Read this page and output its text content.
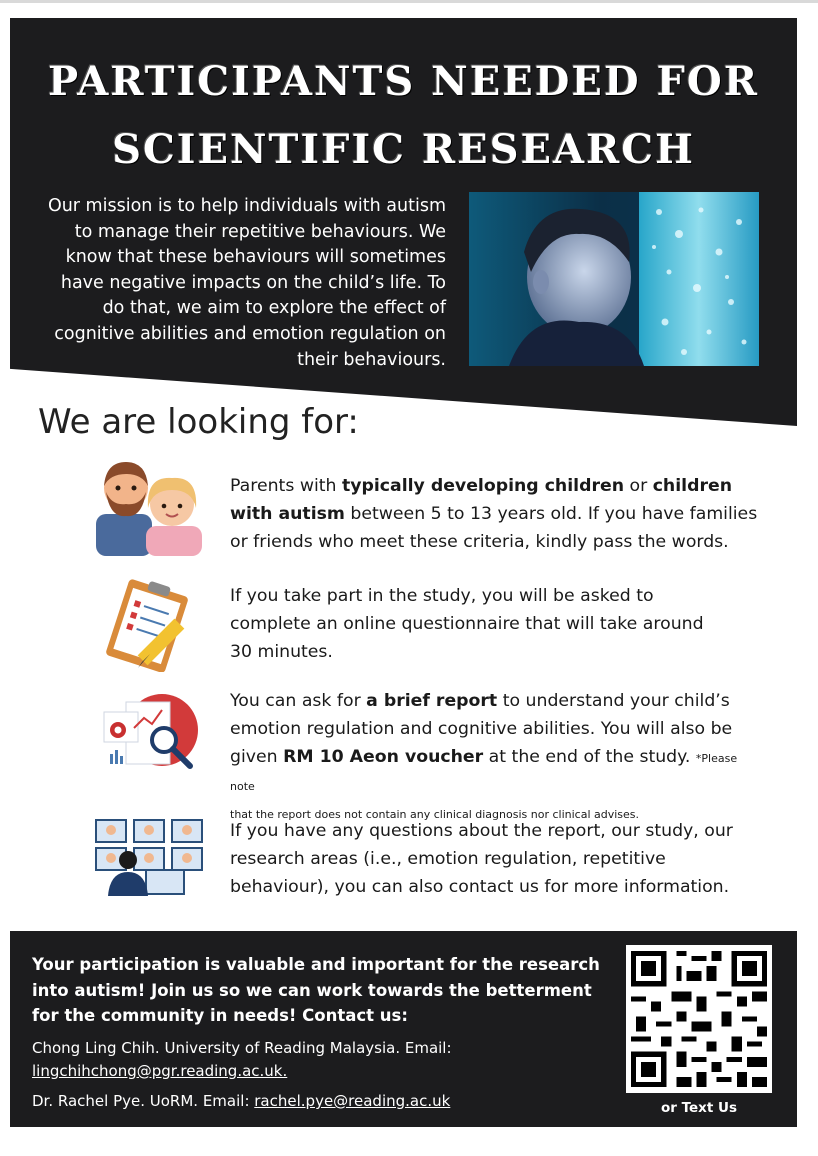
PARTICIPANTS NEEDED FOR
SCIENTIFIC RESEARCH
Our mission is to help individuals with autism
to manage their repetitive behaviours. We
know that these behaviours will sometimes
have negative impacts on the child’s life. To
do that, we aim to explore the effect of
cognitive abilities and emotion regulation on
their behaviours.
We are looking for:
Parents with typically developing children or children with autism between 5 to 13 years old. If you have families or friends who meet these criteria, kindly pass the words.
If you take part in the study, you will be asked to complete an online questionnaire that will take around 30 minutes.
You can ask for a brief report to understand your child’s emotion regulation and cognitive abilities. You will also be given RM 10 Aeon voucher at the end of the study. *Please note
that the report does not contain any clinical diagnosis nor clinical advises.
If you have any questions about the report, our study, our research areas (i.e., emotion regulation, repetitive behaviour), you can also contact us for more information.
Your participation is valuable and important for the research into autism! Join us so we can work towards the betterment for the community in needs! Contact us:
Chong Ling Chih. University of Reading Malaysia. Email:
lingchihchong@pgr.reading.ac.uk.
Dr. Rachel Pye. UoRM. Email: rachel.pye@reading.ac.uk	or Text Us
